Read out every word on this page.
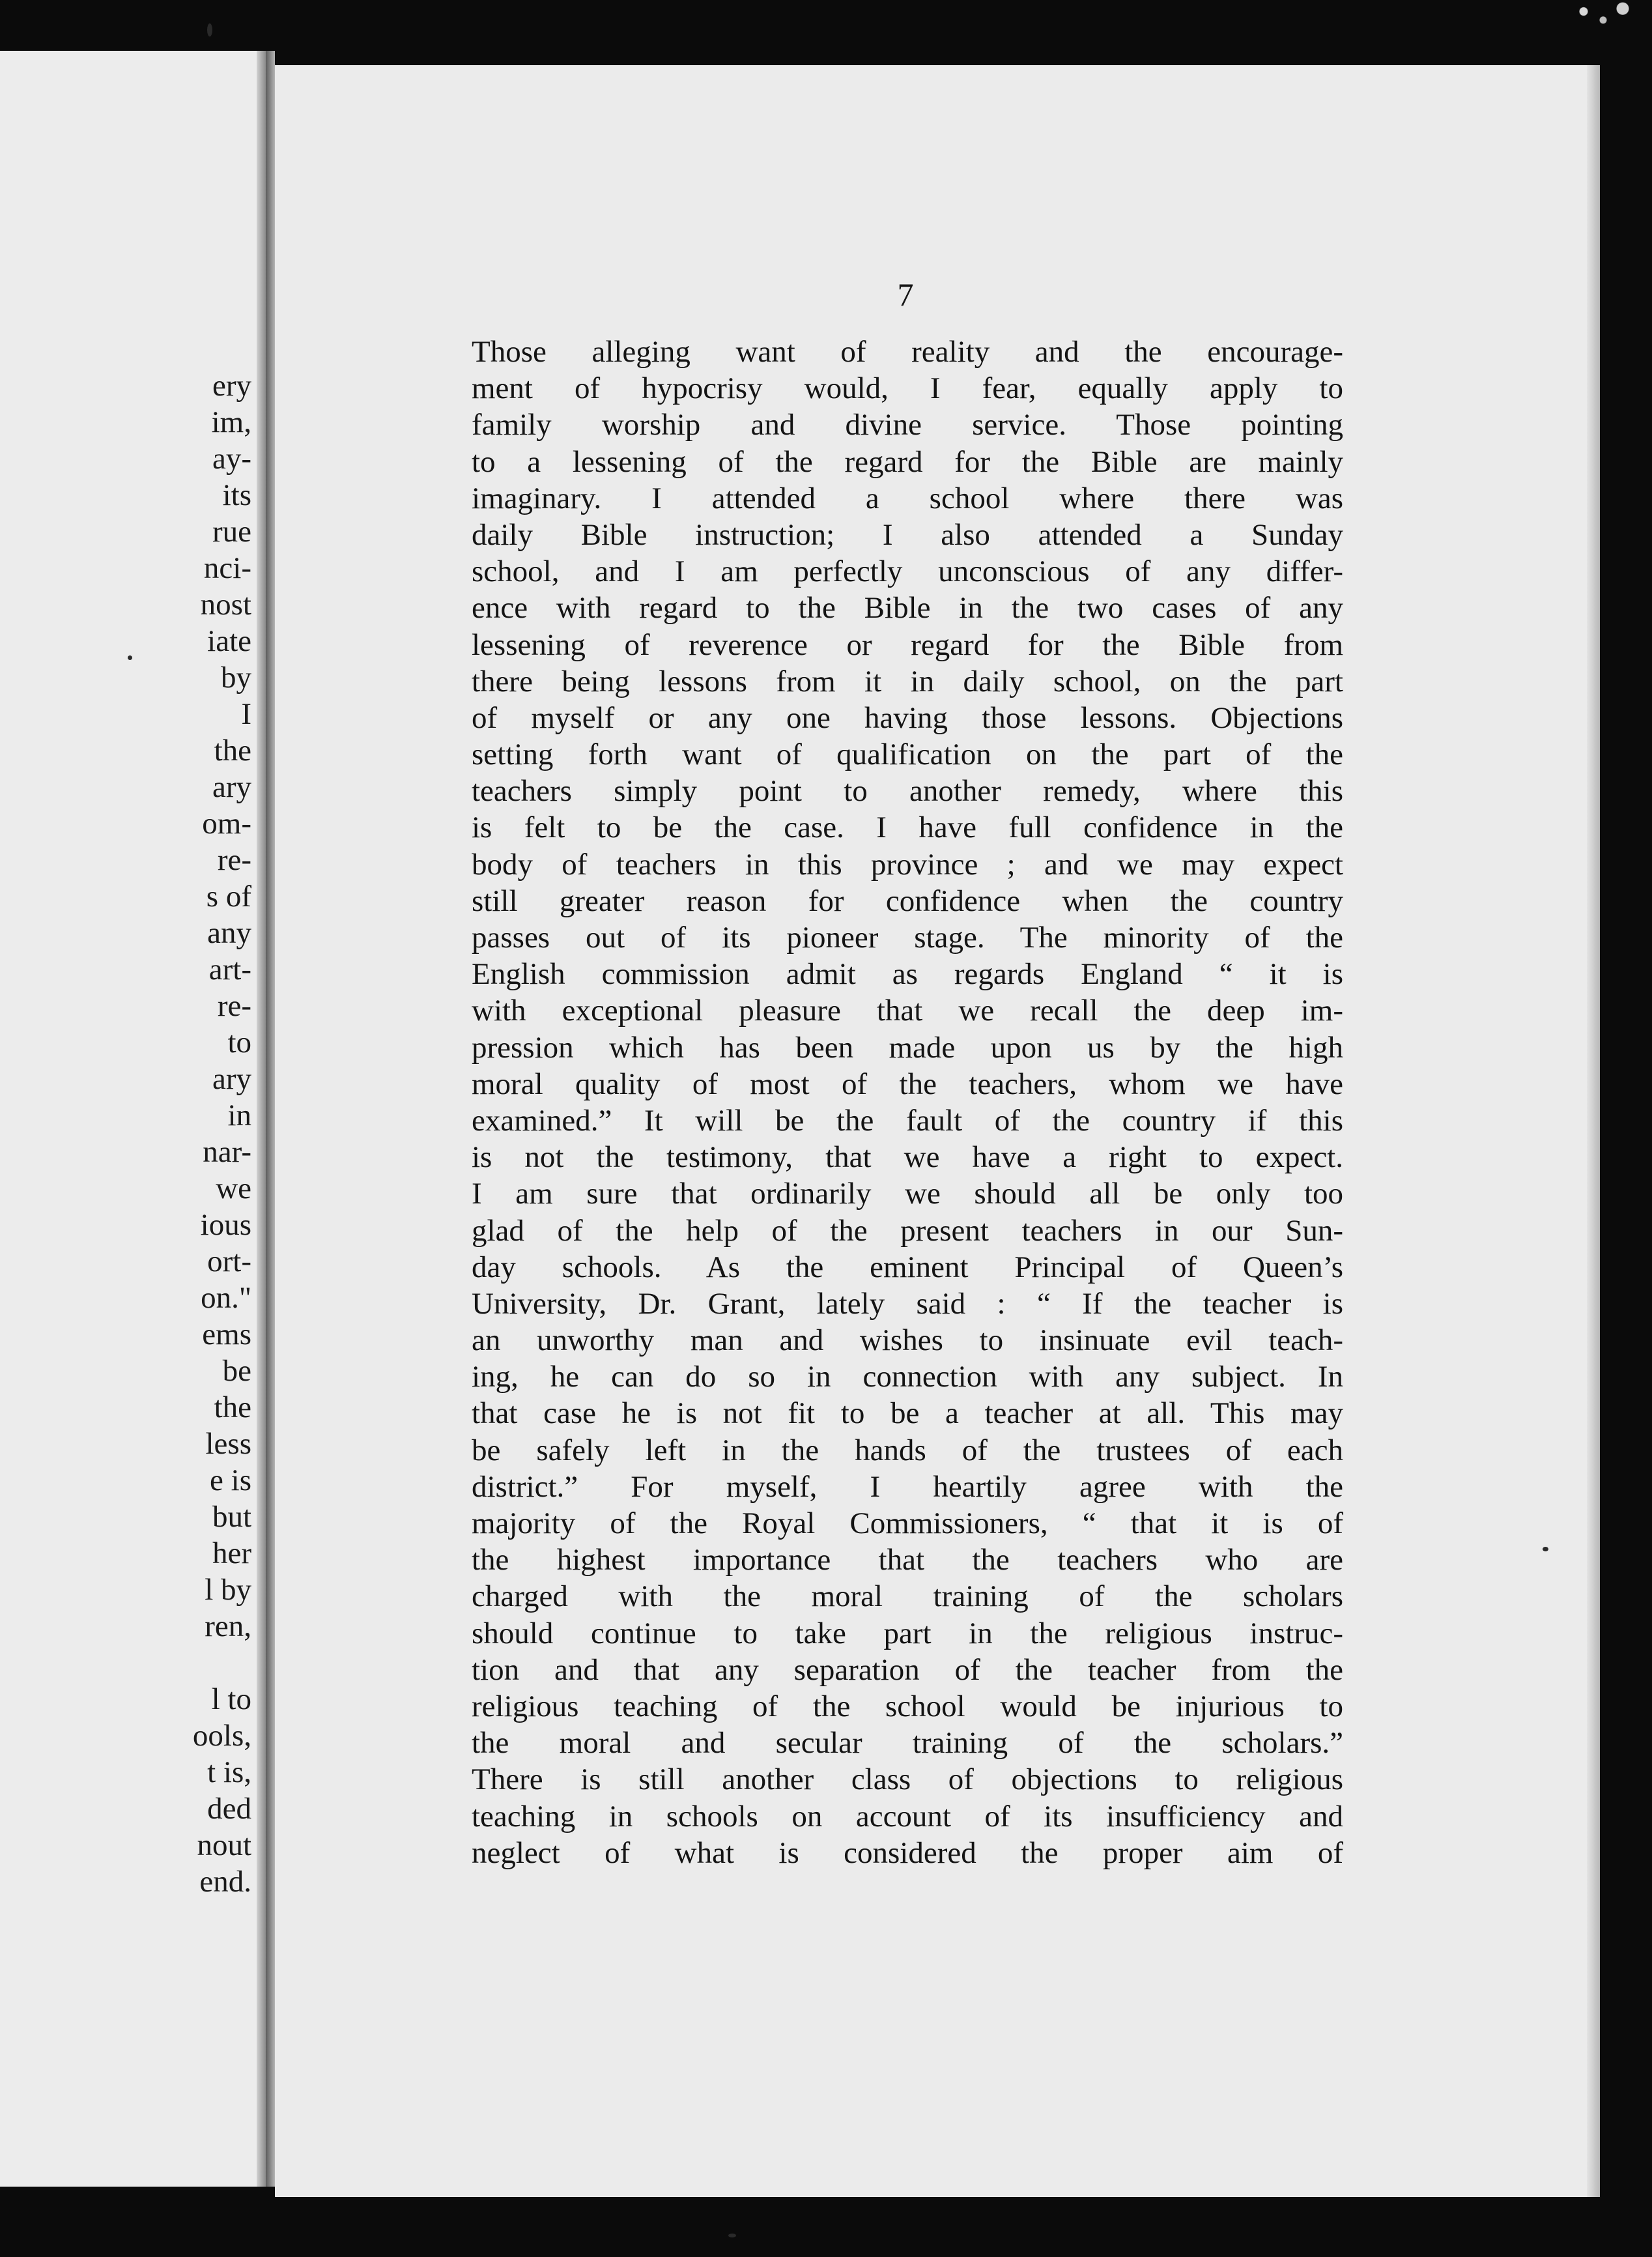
ery
im,
ay-
its
rue
nci-
nost
iate
by
I
the
ary
om-
re-
s of
any
art-
re-
to
ary
in
nar-
we
ious
ort-
on."
ems
be
the
less
e is
but
her
l by
ren,
l to
ools,
t is,
ded
nout
end.
7
Those alleging want of reality and the encourage-
ment of hypocrisy would, I fear, equally apply to
family worship and divine service. Those pointing
to a lessening of the regard for the Bible are mainly
imaginary. I attended a school where there was
daily Bible instruction; I also attended a Sunday
school, and I am perfectly unconscious of any differ-
ence with regard to the Bible in the two cases of any
lessening of reverence or regard for the Bible from
there being lessons from it in daily school, on the part
of myself or any one having those lessons. Objections
setting forth want of qualification on the part of the
teachers simply point to another remedy, where this
is felt to be the case. I have full confidence in the
body of teachers in this province ; and we may expect
still greater reason for confidence when the country
passes out of its pioneer stage. The minority of the
English commission admit as regards England “ it is
with exceptional pleasure that we recall the deep im-
pression which has been made upon us by the high
moral quality of most of the teachers, whom we have
examined.” It will be the fault of the country if this
is not the testimony, that we have a right to expect.
I am sure that ordinarily we should all be only too
glad of the help of the present teachers in our Sun-
day schools. As the eminent Principal of Queen’s
University, Dr. Grant, lately said : “ If the teacher is
an unworthy man and wishes to insinuate evil teach-
ing, he can do so in connection with any subject. In
that case he is not fit to be a teacher at all. This may
be safely left in the hands of the trustees of each
district.” For myself, I heartily agree with the
majority of the Royal Commissioners, “ that it is of
the highest importance that the teachers who are
charged with the moral training of the scholars
should continue to take part in the religious instruc-
tion and that any separation of the teacher from the
religious teaching of the school would be injurious to
the moral and secular training of the scholars.”
There is still another class of objections to religious
teaching in schools on account of its insufficiency and
neglect of what is considered the proper aim of
